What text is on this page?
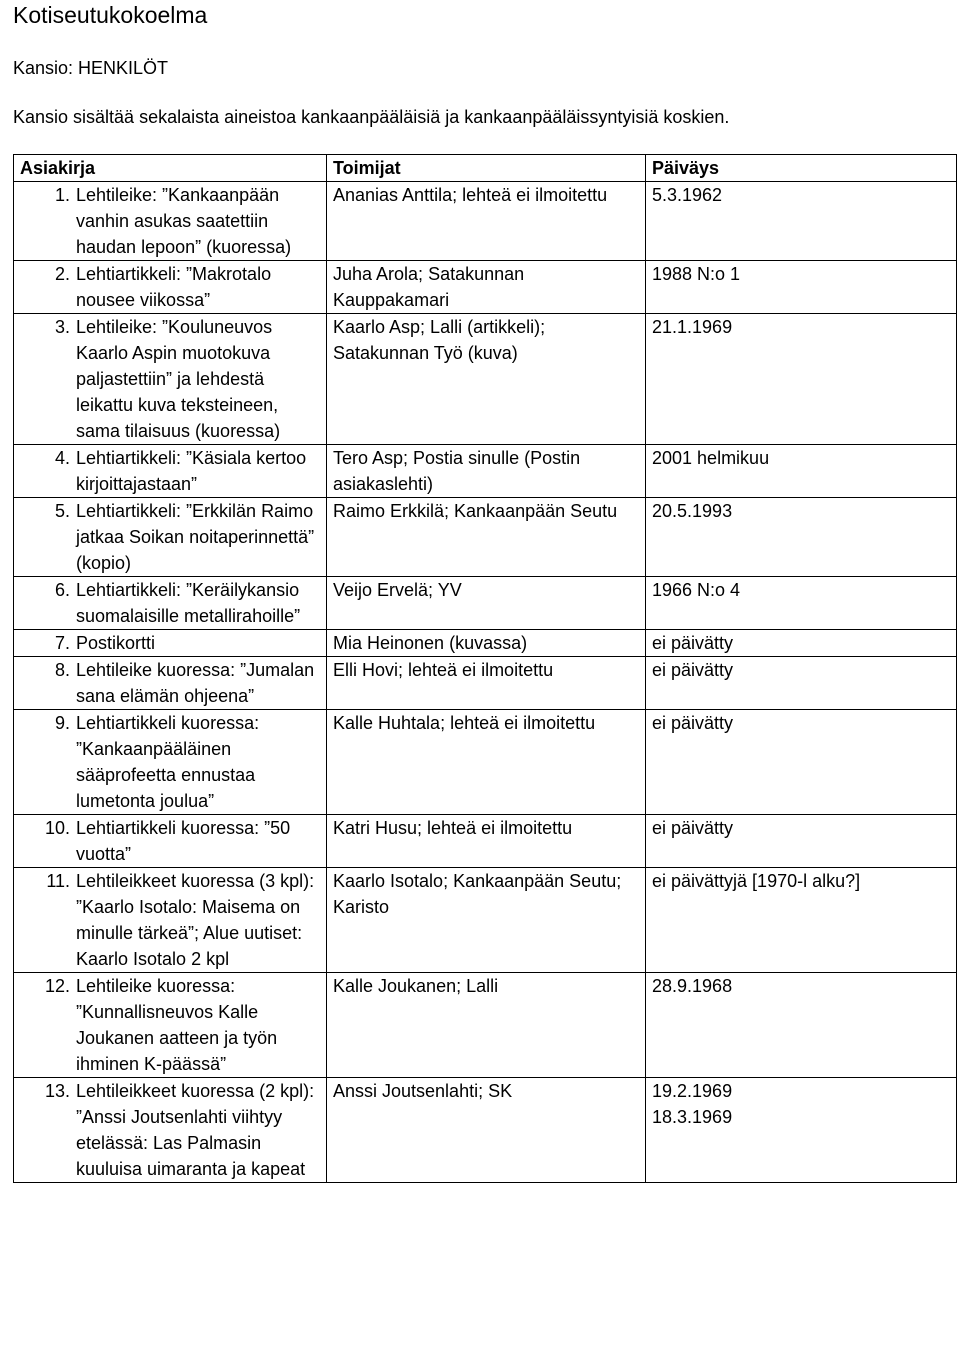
Kotiseutukokoelma
Kansio: HENKILÖT
Kansio sisältää sekalaista aineistoa kankaanpääläisiä ja kankaanpääläissyntyisiä koskien.
Asiakirja	Toimijat	Päiväys

1. Lehtileike: ”Kankaanpään vanhin asukas saatettiin haudan lepoon” (kuoressa)	Ananias Anttila; lehteä ei ilmoitettu	5.3.1962

2. Lehtiartikkeli: ”Makrotalo nousee viikossa”	Juha Arola; Satakunnan Kauppakamari	1988 N:o 1

3. Lehtileike: ”Kouluneuvos Kaarlo Aspin muotokuva paljastettiin” ja lehdestä leikattu kuva teksteineen, sama tilaisuus (kuoressa)	Kaarlo Asp; Lalli (artikkeli); Satakunnan Työ (kuva)	21.1.1969

4. Lehtiartikkeli: ”Käsiala kertoo kirjoittajastaan”	Tero Asp; Postia sinulle (Postin asiakaslehti)	2001 helmikuu

5. Lehtiartikkeli: ”Erkkilän Raimo jatkaa Soikan noitaperinnettä” (kopio)	Raimo Erkkilä; Kankaanpään Seutu	20.5.1993

6. Lehtiartikkeli: ”Keräilykansio suomalaisille metallirahoille”	Veijo Ervelä; YV	1966 N:o 4

7. Postikortti	Mia Heinonen (kuvassa)	ei päivätty

8. Lehtileike kuoressa: ”Jumalan sana elämän ohjeena”	Elli Hovi; lehteä ei ilmoitettu	ei päivätty

9. Lehtiartikkeli kuoressa: ”Kankaanpääläinen sääprofeetta ennustaa lumetonta joulua”	Kalle Huhtala; lehteä ei ilmoitettu	ei päivätty

10. Lehtiartikkeli kuoressa: ”50 vuotta”	Katri Husu; lehteä ei ilmoitettu	ei päivätty

11. Lehtileikkeet kuoressa (3 kpl): ”Kaarlo Isotalo: Maisema on minulle tärkeä”; Alue uutiset: Kaarlo Isotalo 2 kpl	Kaarlo Isotalo; Kankaanpään Seutu; Karisto	ei päivättyjä [1970-l alku?]

12. Lehtileike kuoressa: ”Kunnallisneuvos Kalle Joukanen aatteen ja työn ihminen K-päässä”	Kalle Joukanen; Lalli	28.9.1968

13. Lehtileikkeet kuoressa (2 kpl): ”Anssi Joutsenlahti viihtyy etelässä: Las Palmasin kuuluisa uimaranta ja kapeat	Anssi Joutsenlahti; SK	19.2.1969
18.3.1969
